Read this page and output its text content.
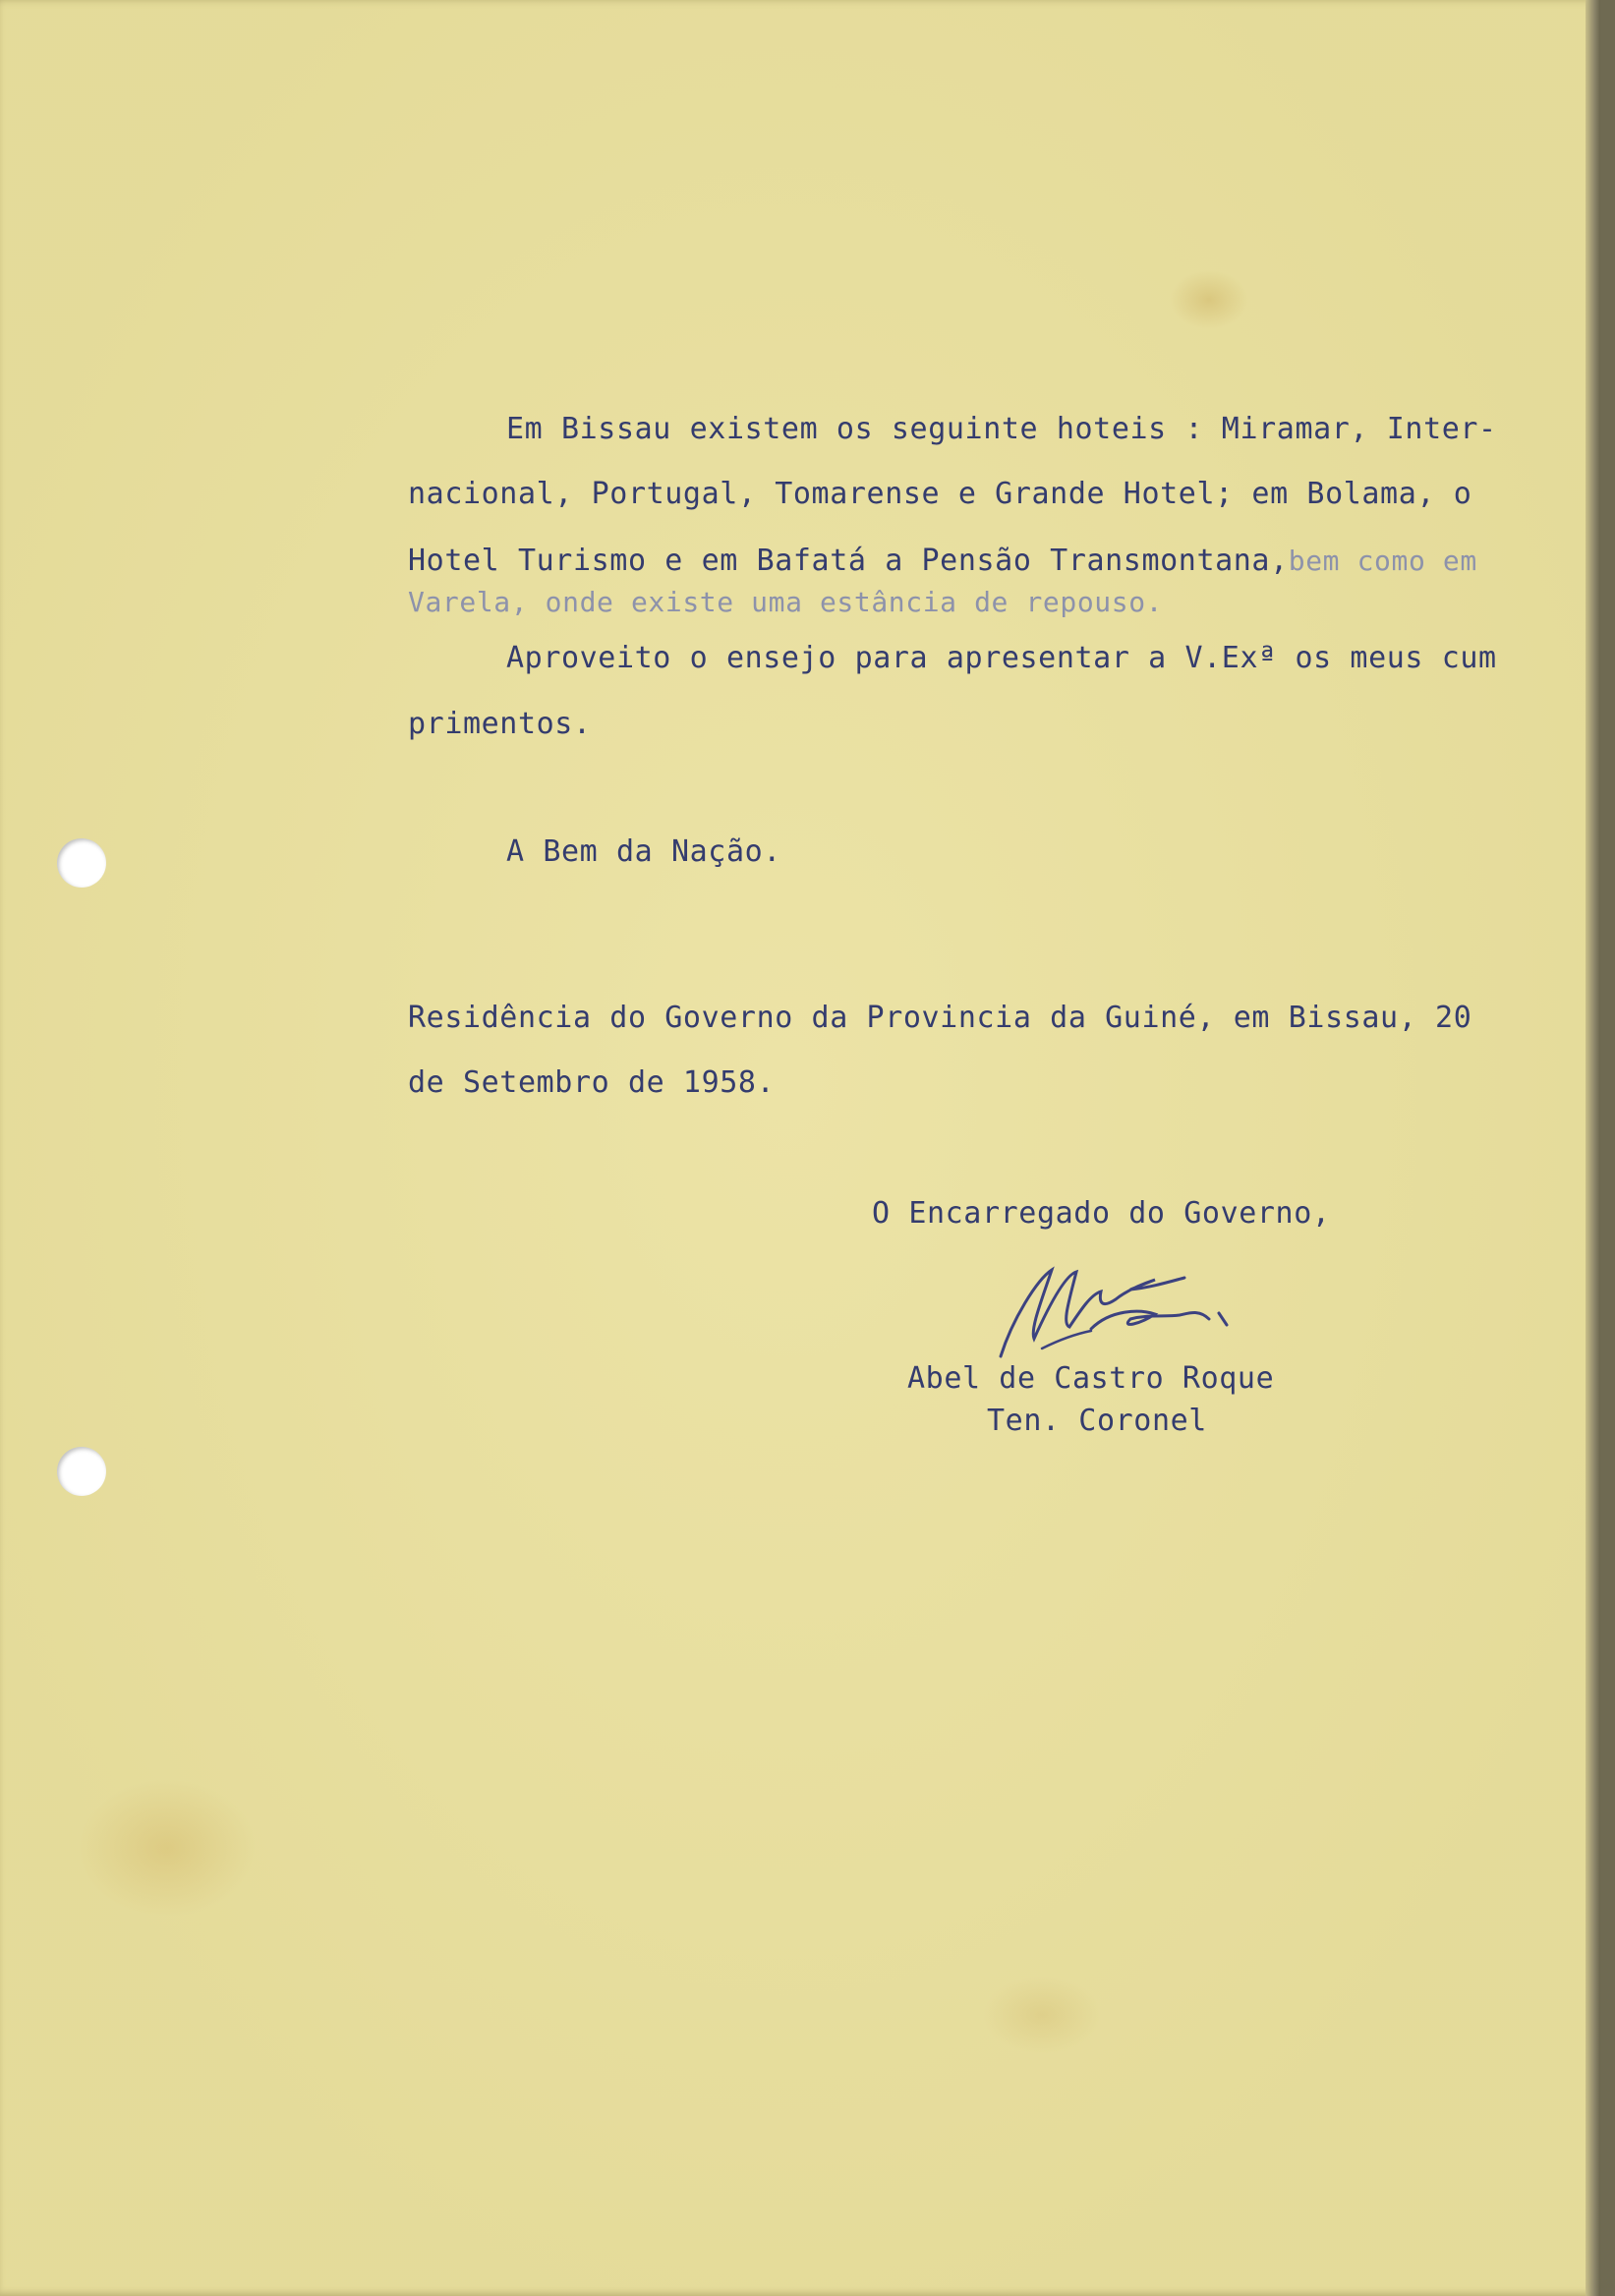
Em Bissau existem os seguinte hoteis : Miramar, Inter-
nacional, Portugal, Tomarense e Grande Hotel; em Bolama, o
Hotel Turismo e em Bafatá a Pensão Transmontana,bem como em
Varela, onde existe uma estância de repouso.
Aproveito o ensejo para apresentar a V.Exª os meus cum
primentos.
A Bem da Nação.
Residência do Governo da Provincia da Guiné, em Bissau, 20
de Setembro de 1958.
O Encarregado do Governo,
Abel de Castro Roque
Ten. Coronel
